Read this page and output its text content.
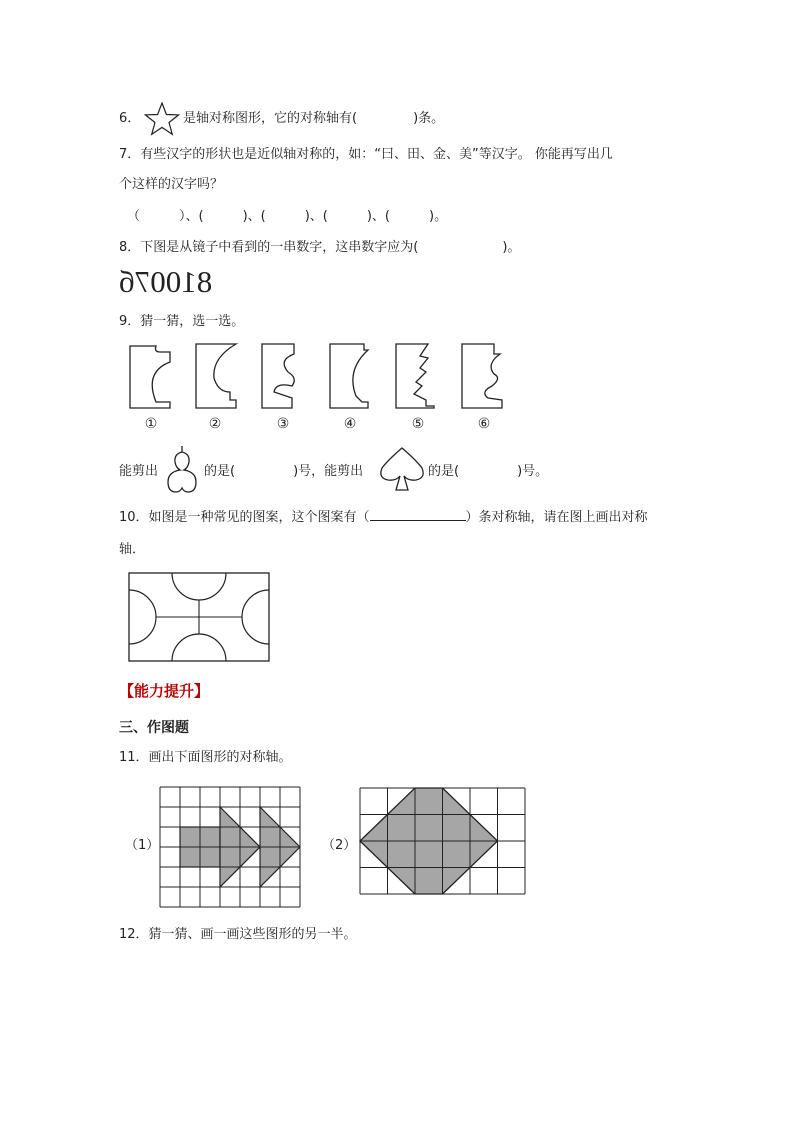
6．	是轴对称图形，它的对称轴有(	)条。
7．有些汉字的形状也是近似轴对称的，如：“曰、田、金、美”等汉字。 你能再写出几
个这样的汉字吗？
（　　　）、(　　　)、(　　　)、(　　　)、(　　　)。
8．下图是从镜子中看到的一串数字，这串数字应为(	)。
81007б
9．猜一猜，选一选。
①	②	③	④	⑤	⑥
能剪出	的是(	)号，能剪出	的是(	)号。
10．如图是一种常见的图案，这个图案有（	）条对称轴，请在图上画出对称
轴．
【能力提升】
三、作图题
11．画出下面图形的对称轴。
（1）	（2）
12．猜一猜、画一画这些图形的另一半。
